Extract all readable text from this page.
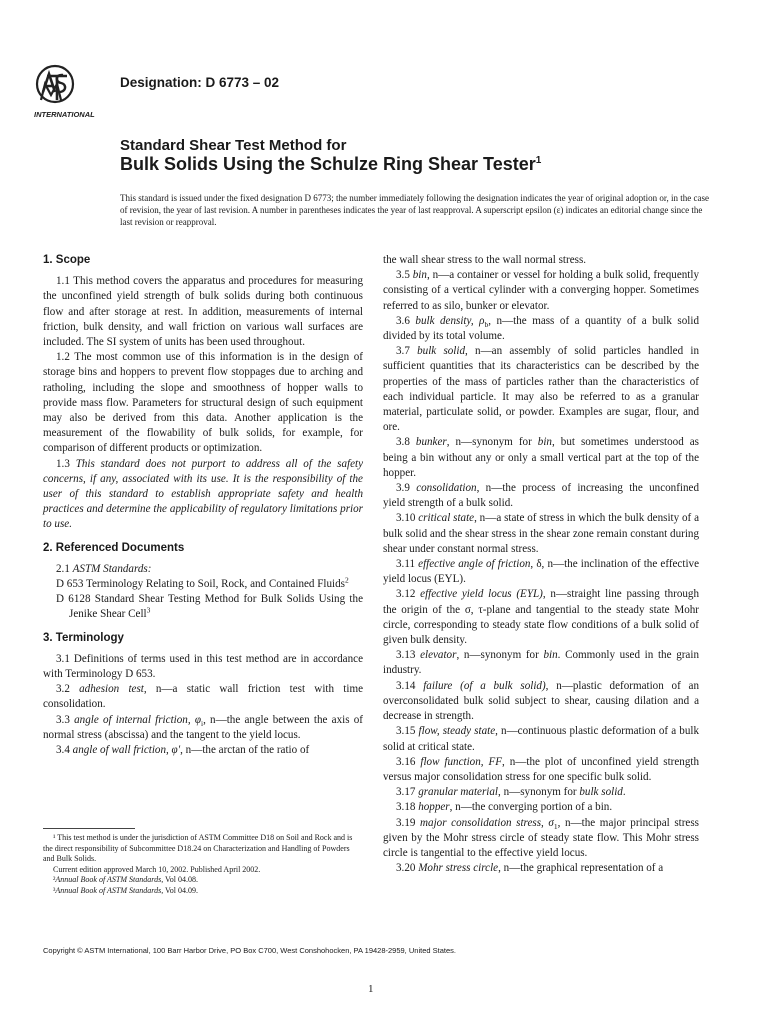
INTERNATIONAL
Designation: D 6773 – 02
Standard Shear Test Method for
Bulk Solids Using the Schulze Ring Shear Tester$^1$
This standard is issued under the fixed designation D 6773; the number immediately following the designation indicates the year of original adoption or, in the case of revision, the year of last revision. A number in parentheses indicates the year of last reapproval. A superscript epsilon (ε) indicates an editorial change since the last revision or reapproval.
1. Scope

1.1 This method covers the apparatus and procedures for measuring the unconfined yield strength of bulk solids during both continuous flow and after storage at rest. In addition, measurements of internal friction, bulk density, and wall friction on various wall surfaces are included. The SI system of units has been used throughout.

1.2 The most common use of this information is in the design of storage bins and hoppers to prevent flow stoppages due to arching and ratholing, including the slope and smoothness of hopper walls to provide mass flow. Parameters for structural design of such equipment may also be derived from this data. Another application is the measurement of the flowability of bulk solids, for example, for comparison of different products or optimization.

1.3 This standard does not purport to address all of the safety concerns, if any, associated with its use. It is the responsibility of the user of this standard to establish appropriate safety and health practices and determine the applicability of regulatory limitations prior to use.

2. Referenced Documents

2.1 ASTM Standards:

D 653 Terminology Relating to Soil, Rock, and Contained Fluids$^2$

D 6128 Standard Shear Testing Method for Bulk Solids Using the Jenike Shear Cell$^3$

3. Terminology

3.1 Definitions of terms used in this test method are in accordance with Terminology D 653.

3.2 adhesion test, n—a static wall friction test with time consolidation.

3.3 angle of internal friction, $\varphi_i$, n—the angle between the axis of normal stress (abscissa) and the tangent to the yield locus.

3.4 angle of wall friction, φ′, n—the arctan of the ratio of

¹ This test method is under the jurisdiction of ASTM Committee D18 on Soil and Rock and is the direct responsibility of Subcommittee D18.24 on Characterization and Handling of Powders and Bulk Solids.

Current edition approved March 10, 2002. Published April 2002.

²Annual Book of ASTM Standards, Vol 04.08.

³Annual Book of ASTM Standards, Vol 04.09.

the wall shear stress to the wall normal stress.

3.5 bin, n—a container or vessel for holding a bulk solid, frequently consisting of a vertical cylinder with a converging hopper. Sometimes referred to as silo, bunker or elevator.

3.6 bulk density, $\rho_b$, n—the mass of a quantity of a bulk solid divided by its total volume.

3.7 bulk solid, n—an assembly of solid particles handled in sufficient quantities that its characteristics can be described by the properties of the mass of particles rather than the characteristics of each individual particle. It may also be referred to as a granular material, particulate solid, or powder. Examples are sugar, flour, and ore.

3.8 bunker, n—synonym for bin, but sometimes understood as being a bin without any or only a small vertical part at the top of the hopper.

3.9 consolidation, n—the process of increasing the unconfined yield strength of a bulk solid.

3.10 critical state, n—a state of stress in which the bulk density of a bulk solid and the shear stress in the shear zone remain constant during shear under constant normal stress.

3.11 effective angle of friction, δ, n—the inclination of the effective yield locus (EYL).

3.12 effective yield locus (EYL), n—straight line passing through the origin of the σ, τ-plane and tangential to the steady state Mohr circle, corresponding to steady state flow conditions of a bulk solid of given bulk density.

3.13 elevator, n—synonym for bin. Commonly used in the grain industry.

3.14 failure (of a bulk solid), n—plastic deformation of an overconsolidated bulk solid subject to shear, causing dilation and a decrease in strength.

3.15 flow, steady state, n—continuous plastic deformation of a bulk solid at critical state.

3.16 flow function, FF, n—the plot of unconfined yield strength versus major consolidation stress for one specific bulk solid.

3.17 granular material, n—synonym for bulk solid.

3.18 hopper, n—the converging portion of a bin.

3.19 major consolidation stress, $\sigma_1$, n—the major principal stress given by the Mohr stress circle of steady state flow. This Mohr stress circle is tangential to the effective yield locus.

3.20 Mohr stress circle, n—the graphical representation of a

Copyright © ASTM International, 100 Barr Harbor Drive, PO Box C700, West Conshohocken, PA 19428-2959, United States.
1
